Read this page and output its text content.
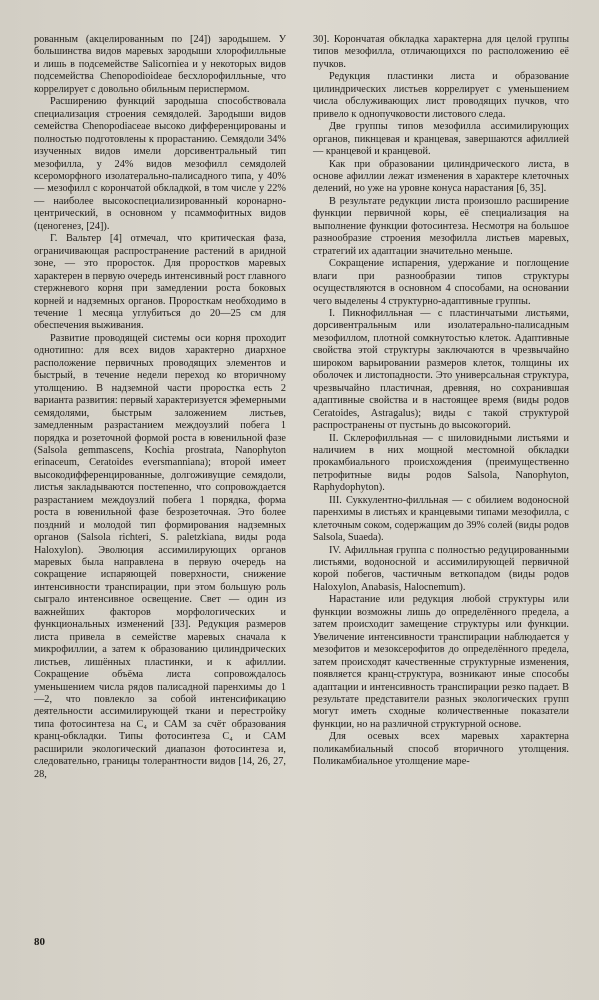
рованным (акцелированным по [24]) зародышем. У большинства видов маревых зародыши хлорофилльные и лишь в подсемействе Salicornieа и у некоторых видов подсемейства Chenopodioideae бесхлорофилльные, что коррелирует с довольно обильным периспермом.

Расширению функций зародыша способствовала специализация строения семядолей. Зародыши видов семейства Chenopodiaceae высоко дифференцированы и полностью подготовлены к прорастанию. Семядоли 34% изученных видов имели дорсивентральный тип мезофилла, у 24% видов мезофилл семядолей ксероморфного изолатерально-палисадного типа, у 40% — мезофилл с корончатой обкладкой, в том числе у 22% — наиболее высокоспециализированный коронарно-центрический, в основном у псаммофитных видов (ценогенез, [24]).

Г. Вальтер [4] отмечал, что критическая фаза, ограничивающая распространение растений в аридной зоне, — это проросток. Для проростков маревых характерен в первую очередь интенсивный рост главного стержневого корня при замедлении роста боковых корней и надземных органов. Проросткам необходимо в течение 1 месяца углубиться до 20—25 см для обеспечения выживания.

Развитие проводящей системы оси корня проходит однотипно: для всех видов характерно диархное расположение первичных проводящих элементов и быстрый, в течение недели переход ко вторичному утолщению. В надземной части проростка есть 2 варианта развития: первый характеризуется эфемерными семядолями, быстрым заложением листьев, замедленным разрастанием междоузлий побега 1 порядка и розеточной формой роста в ювенильной фазе (Salsola gemmascens, Kochia prostrata, Nanophyton erinaceum, Ceratoides eversmanniana); второй имеет высокодифференцированные, долгоживущие семядоли, листья закладываются постепенно, что сопровождается разрастанием междоузлий побега 1 порядка, форма роста в ювенильной фазе безрозеточная. Это более поздний и молодой тип формирования надземных органов (Salsola richteri, S. paletzkiana, виды рода Haloxylon). Эволюция ассимилирующих органов маревых была направлена в первую очередь на сокращение испаряющей поверхности, снижение интенсивности транспирации, при этом большую роль сыграло интенсивное освещение. Свет — один из важнейших факторов морфологических и функциональных изменений [33]. Редукция размеров листа привела в семействе маревых сначала к микрофиллии, а затем к образованию цилиндрических листьев, лишённых пластинки, и к афиллии. Сокращение объёма листа сопровождалось уменьшением числа рядов палисадной паренхимы до 1—2, что повлекло за собой интенсификацию деятельности ассимилирующей ткани и перестройку типа фотосинтеза на C₄ и САМ за счёт образования кранц-обкладки. Типы фотосинтеза C₄ и САМ расширили экологический диапазон фотосинтеза и, следовательно, границы толерантности видов [14, 26, 27, 28,

30]. Корончатая обкладка характерна для целой группы типов мезофилла, отличающихся по расположению её пучков.

Редукция пластинки листа и образование цилиндрических листьев коррелирует с уменьшением числа обслуживающих лист проводящих пучков, что привело к однопучковости листового следа.

Две группы типов мезофилла ассимилирующих органов, пикнцевая и кранцевая, завершаются афиллией — кранцевой и кранцевой.

Как при образовании цилиндрического листа, в основе афиллии лежат изменения в характере клеточных делений, но уже на уровне конуса нарастания [6, 35].

В результате редукции листа произошло расширение функции первичной коры, её специализация на выполнение функции фотосинтеза. Несмотря на большое разнообразие строения мезофилла листьев маревых, стратегий их адаптации значительно меньше.

Сокращение испарения, удержание и поглощение влаги при разнообразии типов структуры осуществляются в основном 4 способами, на основании чего выделены 4 структурно-адаптивные группы.

I. Пикнофилльная — с пластинчатыми листьями, дорсивентральным или изолатерально-палисадным мезофиллом, плотной сомкнутостью клеток. Адаптивные свойства этой структуры заключаются в чрезвычайно широком варьировании размеров клеток, толщины их оболочек и листопадности. Это универсальная структура, чрезвычайно пластичная, древняя, но сохранившая адаптивные свойства и в настоящее время (виды родов Ceratoides, Astragalus); виды с такой структурой распространены от пустынь до высокогорий.

II. Склерофилльная — с шиловидными листьями и наличием в них мощной местомной обкладки прокамбиального происхождения (преимущественно петрофитные виды родов Salsola, Nanophyton, Raphydophyton).

III. Суккулентно-филльная — с обилием водоносной паренхимы в листьях и кранцевыми типами мезофилла, с клеточным соком, содержащим до 39% солей (виды родов Salsola, Suaeda).

IV. Афилльная группа с полностью редуцированными листьями, водоносной и ассимилирующей первичной корой побегов, частичным веткопадом (виды родов Haloxylon, Anabasis, Halocnemum).

Нарастание или редукция любой структуры или функции возможны лишь до определённого предела, а затем происходит замещение структуры или функции. Увеличение интенсивности транспирации наблюдается у мезофитов и мезоксерофитов до определённого предела, затем происходят качественные структурные изменения, появляется кранц-структура, возникают иные способы адаптации и интенсивность транспирации резко падает. В результате представители разных экологических групп могут иметь сходные количественные показатели функции, но на различной структурной основе.

Для осевых всех маревых характерна поликамбиальный способ вторичного утолщения. Поликамбиальное утолщение маре-

80
